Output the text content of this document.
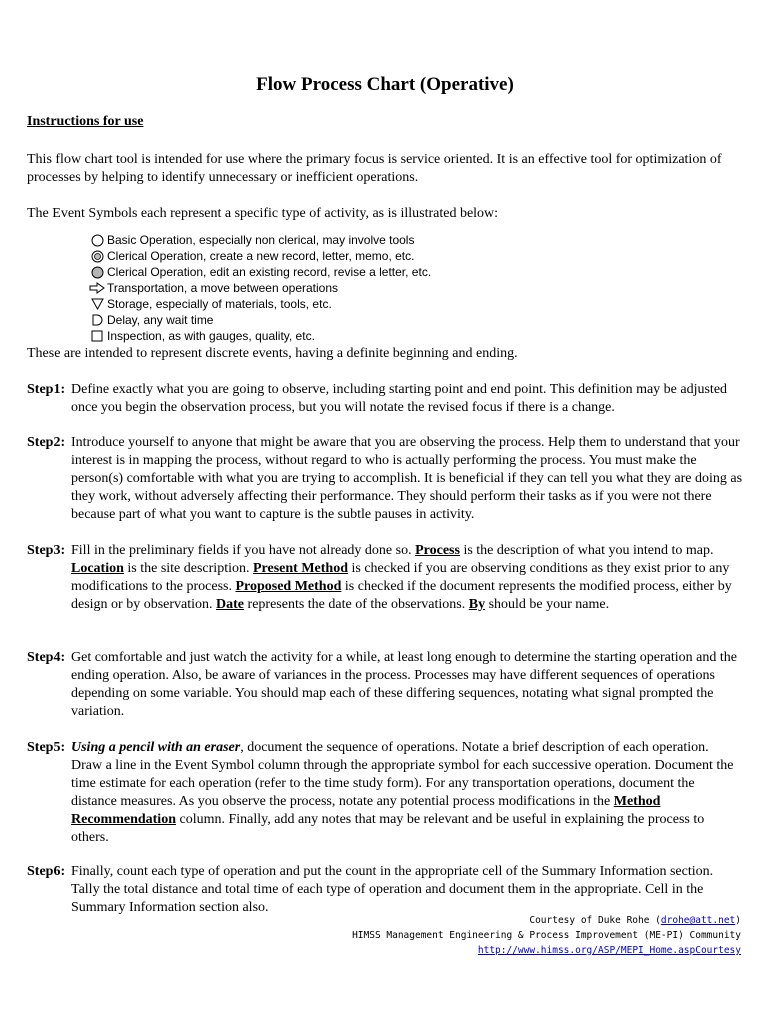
Flow Process Chart (Operative)
Instructions for use
This flow chart tool is intended for use where the primary focus is service oriented. It is an effective tool for optimization of processes by helping to identify unnecessary or inefficient operations.
The Event Symbols each represent a specific type of activity, as is illustrated below:
Basic Operation, especially non clerical, may involve tools
Clerical Operation, create a new record, letter, memo, etc.
Clerical Operation, edit an existing record, revise a letter, etc.
Transportation, a move between operations
Storage, especially of materials, tools, etc.
Delay, any wait time
Inspection, as with gauges, quality, etc.
These are intended to represent discrete events, having a definite beginning and ending.
Step1: Define exactly what you are going to observe, including starting point and end point. This definition may be adjusted once you begin the observation process, but you will notate the revised focus if there is a change.
Step2: Introduce yourself to anyone that might be aware that you are observing the process. Help them to understand that your interest is in mapping the process, without regard to who is actually performing the process. You must make the person(s) comfortable with what you are trying to accomplish. It is beneficial if they can tell you what they are doing as they work, without adversely affecting their performance. They should perform their tasks as if you were not there because part of what you want to capture is the subtle pauses in activity.
Step3: Fill in the preliminary fields if you have not already done so. Process is the description of what you intend to map. Location is the site description. Present Method is checked if you are observing conditions as they exist prior to any modifications to the process. Proposed Method is checked if the document represents the modified process, either by design or by observation. Date represents the date of the observations. By should be your name.
Step4: Get comfortable and just watch the activity for a while, at least long enough to determine the starting operation and the ending operation. Also, be aware of variances in the process. Processes may have different sequences of operations depending on some variable. You should map each of these differing sequences, notating what signal prompted the variation.
Step5: Using a pencil with an eraser, document the sequence of operations. Notate a brief description of each operation. Draw a line in the Event Symbol column through the appropriate symbol for each successive operation. Document the time estimate for each operation (refer to the time study form). For any transportation operations, document the distance measures. As you observe the process, notate any potential process modifications in the Method Recommendation column. Finally, add any notes that may be relevant and be useful in explaining the process to others.
Step6: Finally, count each type of operation and put the count in the appropriate cell of the Summary Information section. Tally the total distance and total time of each type of operation and document them in the appropriate. Cell in the Summary Information section also.
Courtesy of Duke Rohe (drohe@att.net)
HIMSS Management Engineering & Process Improvement (ME-PI) Community
http://www.himss.org/ASP/MEPI_Home.aspCourtesy
